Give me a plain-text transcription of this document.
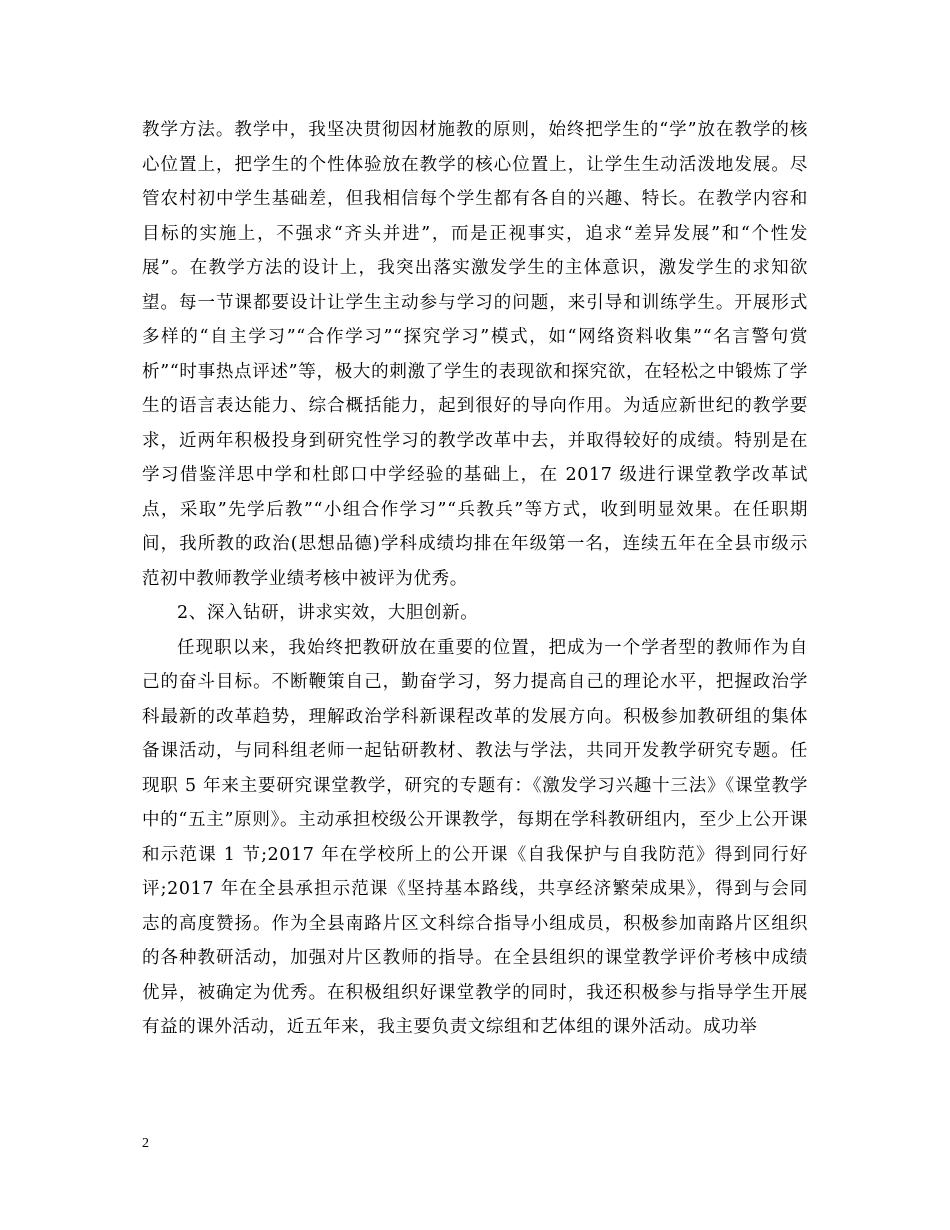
教学方法。教学中，我坚决贯彻因材施教的原则，始终把学生的“学”放在教学的核心位置上，把学生的个性体验放在教学的核心位置上，让学生生动活泼地发展。尽管农村初中学生基础差，但我相信每个学生都有各自的兴趣、特长。在教学内容和目标的实施上，不强求“齐头并进”，而是正视事实，追求“差异发展”和“个性发展”。在教学方法的设计上，我突出落实激发学生的主体意识，激发学生的求知欲望。每一节课都要设计让学生主动参与学习的问题，来引导和训练学生。开展形式多样的“自主学习”“合作学习”“探究学习”模式，如“网络资料收集”“名言警句赏析”“时事热点评述”等，极大的刺激了学生的表现欲和探究欲，在轻松之中锻炼了学生的语言表达能力、综合概括能力，起到很好的导向作用。为适应新世纪的教学要求，近两年积极投身到研究性学习的教学改革中去，并取得较好的成绩。特别是在学习借鉴洋思中学和杜郎口中学经验的基础上，在 2017 级进行课堂教学改革试点，采取”先学后教”“小组合作学习”“兵教兵”等方式，收到明显效果。在任职期间，我所教的政治(思想品德)学科成绩均排在年级第一名，连续五年在全县市级示范初中教师教学业绩考核中被评为优秀。

2、深入钻研，讲求实效，大胆创新。

任现职以来，我始终把教研放在重要的位置，把成为一个学者型的教师作为自己的奋斗目标。不断鞭策自己，勤奋学习，努力提高自己的理论水平，把握政治学科最新的改革趋势，理解政治学科新课程改革的发展方向。积极参加教研组的集体备课活动，与同科组老师一起钻研教材、教法与学法，共同开发教学研究专题。任现职 5 年来主要研究课堂教学，研究的专题有：《激发学习兴趣十三法》《课堂教学中的“五主”原则》。主动承担校级公开课教学，每期在学科教研组内，至少上公开课和示范课 1 节;2017 年在学校所上的公开课《自我保护与自我防范》得到同行好评;2017 年在全县承担示范课《坚持基本路线，共享经济繁荣成果》，得到与会同志的高度赞扬。作为全县南路片区文科综合指导小组成员，积极参加南路片区组织的各种教研活动，加强对片区教师的指导。在全县组织的课堂教学评价考核中成绩优异，被确定为优秀。在积极组织好课堂教学的同时，我还积极参与指导学生开展有益的课外活动，近五年来，我主要负责文综组和艺体组的课外活动。成功举

2
